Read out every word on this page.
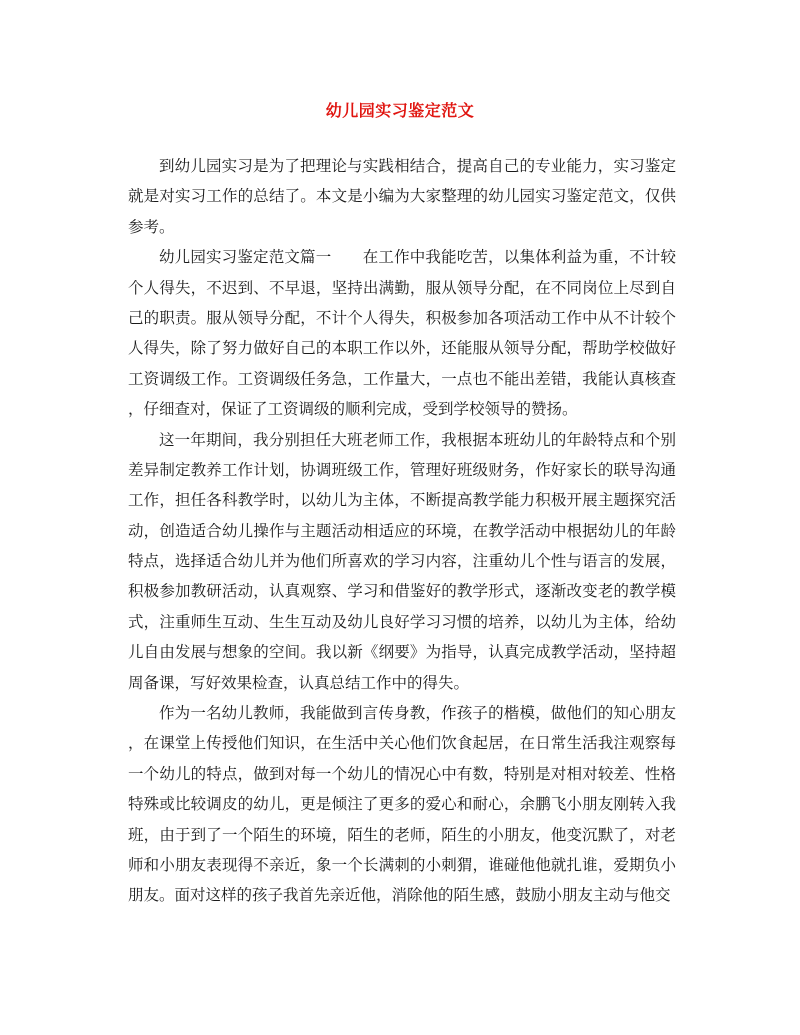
幼儿园实习鉴定范文
到幼儿园实习是为了把理论与实践相结合，提高自己的专业能力，实习鉴定
就是对实习工作的总结了。本文是小编为大家整理的幼儿园实习鉴定范文，仅供
参考。
幼儿园实习鉴定范文篇一　　在工作中我能吃苦，以集体利益为重，不计较
个人得失，不迟到、不早退，坚持出满勤，服从领导分配，在不同岗位上尽到自
己的职责。服从领导分配，不计个人得失，积极参加各项活动工作中从不计较个
人得失，除了努力做好自己的本职工作以外，还能服从领导分配，帮助学校做好
工资调级工作。工资调级任务急，工作量大，一点也不能出差错，我能认真核查
，仔细查对，保证了工资调级的顺利完成，受到学校领导的赞扬。
这一年期间，我分别担任大班老师工作，我根据本班幼儿的年龄特点和个别
差异制定教养工作计划，协调班级工作，管理好班级财务，作好家长的联导沟通
工作，担任各科教学时，以幼儿为主体，不断提高教学能力积极开展主题探究活
动，创造适合幼儿操作与主题活动相适应的环境，在教学活动中根据幼儿的年龄
特点，选择适合幼儿并为他们所喜欢的学习内容，注重幼儿个性与语言的发展，
积极参加教研活动，认真观察、学习和借鉴好的教学形式，逐渐改变老的教学模
式，注重师生互动、生生互动及幼儿良好学习习惯的培养，以幼儿为主体，给幼
儿自由发展与想象的空间。我以新《纲要》为指导，认真完成教学活动，坚持超
周备课，写好效果检查，认真总结工作中的得失。
作为一名幼儿教师，我能做到言传身教，作孩子的楷模，做他们的知心朋友
，在课堂上传授他们知识，在生活中关心他们饮食起居，在日常生活我注观察每
一个幼儿的特点，做到对每一个幼儿的情况心中有数，特别是对相对较差、性格
特殊或比较调皮的幼儿，更是倾注了更多的爱心和耐心，余鹏飞小朋友刚转入我
班，由于到了一个陌生的环境，陌生的老师，陌生的小朋友，他变沉默了，对老
师和小朋友表现得不亲近，象一个长满刺的小刺猬，谁碰他他就扎谁，爱期负小
朋友。面对这样的孩子我首先亲近他，消除他的陌生感，鼓励小朋友主动与他交
